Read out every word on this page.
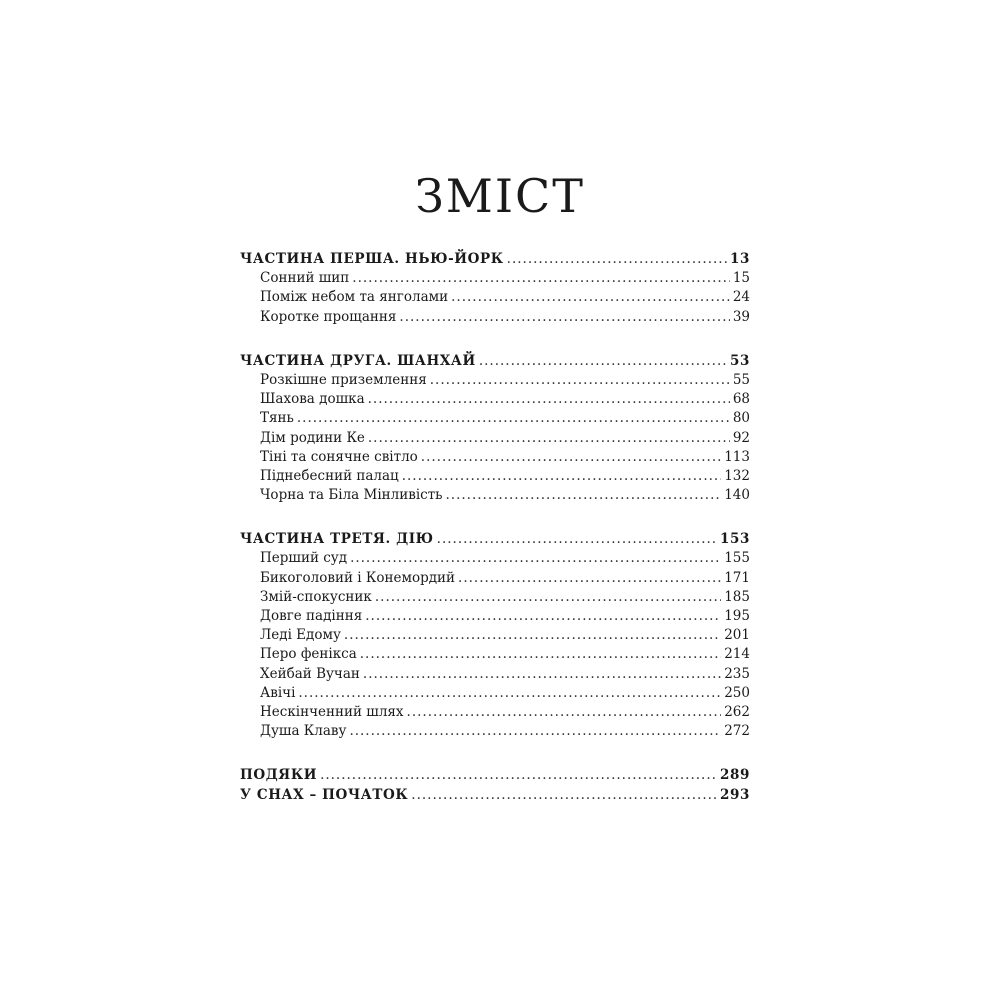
ЗМІСТ
ЧАСТИНА ПЕРША. НЬЮ-ЙОРК .....	13
Сонний шип .....	15
Поміж небом та янголами .....	24
Коротке прощання .....	39
ЧАСТИНА ДРУГА. ШАНХАЙ .....	53
Розкішне приземлення .....	55
Шахова дошка .....	68
Тянь .....	80
Дім родини Ке .....	92
Тіні та сонячне світло .....	113
Піднебесний палац .....	132
Чорна та Біла Мінливість .....	140
ЧАСТИНА ТРЕТЯ. ДІЮ .....	153
Перший суд .....	155
Бикоголовий і Конемордий .....	171
Змій-спокусник .....	185
Довге падіння .....	195
Леді Едому .....	201
Перо фенікса .....	214
Хейбай Вучан .....	235
Авічі .....	250
Нескінченний шлях .....	262
Душа Клаву .....	272
ПОДЯКИ .....	289
У СНАХ – ПОЧАТОК .....	293
